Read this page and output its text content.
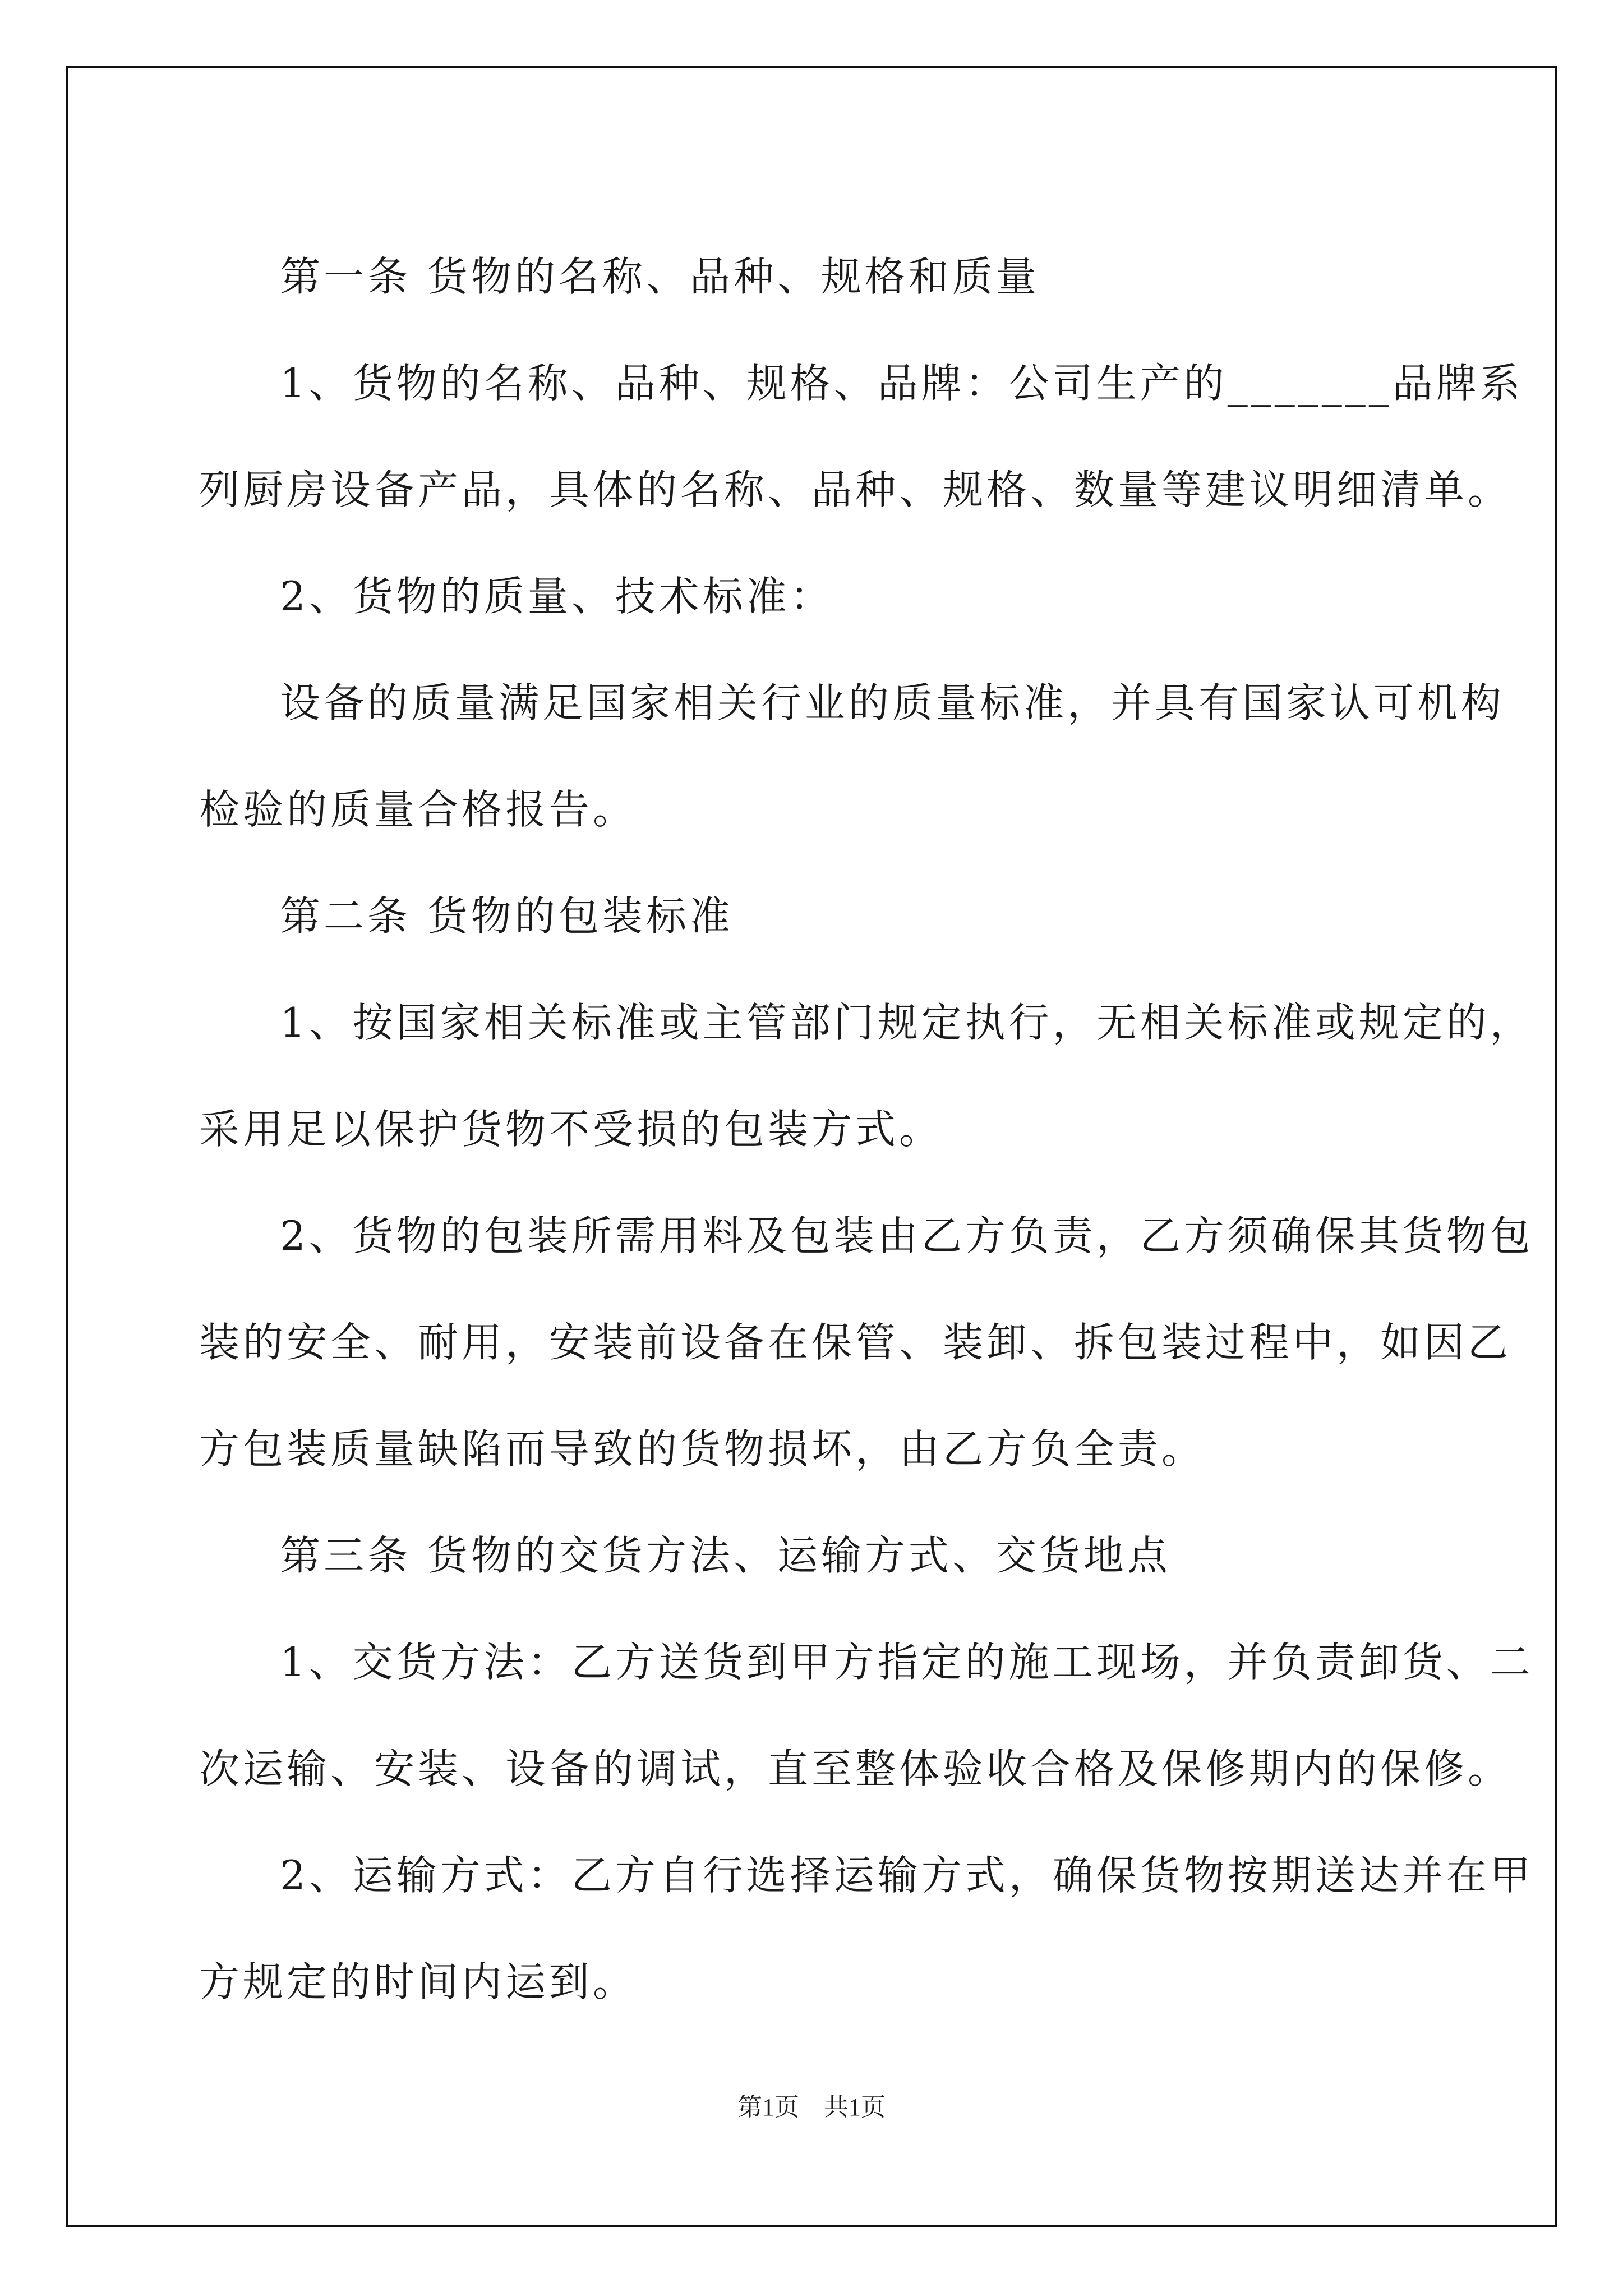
第一条 货物的名称、品种、规格和质量

1、货物的名称、品种、规格、品牌：公司生产的_______品牌系

列厨房设备产品，具体的名称、品种、规格、数量等建议明细清单。

2、货物的质量、技术标准：

设备的质量满足国家相关行业的质量标准，并具有国家认可机构

检验的质量合格报告。

第二条 货物的包装标准

1、按国家相关标准或主管部门规定执行，无相关标准或规定的，

采用足以保护货物不受损的包装方式。

2、货物的包装所需用料及包装由乙方负责，乙方须确保其货物包

装的安全、耐用，安装前设备在保管、装卸、拆包装过程中，如因乙

方包装质量缺陷而导致的货物损坏，由乙方负全责。

第三条 货物的交货方法、运输方式、交货地点

1、交货方法：乙方送货到甲方指定的施工现场，并负责卸货、二

次运输、安装、设备的调试，直至整体验收合格及保修期内的保修。

2、运输方式：乙方自行选择运输方式，确保货物按期送达并在甲

方规定的时间内运到。

第1页　共1页
